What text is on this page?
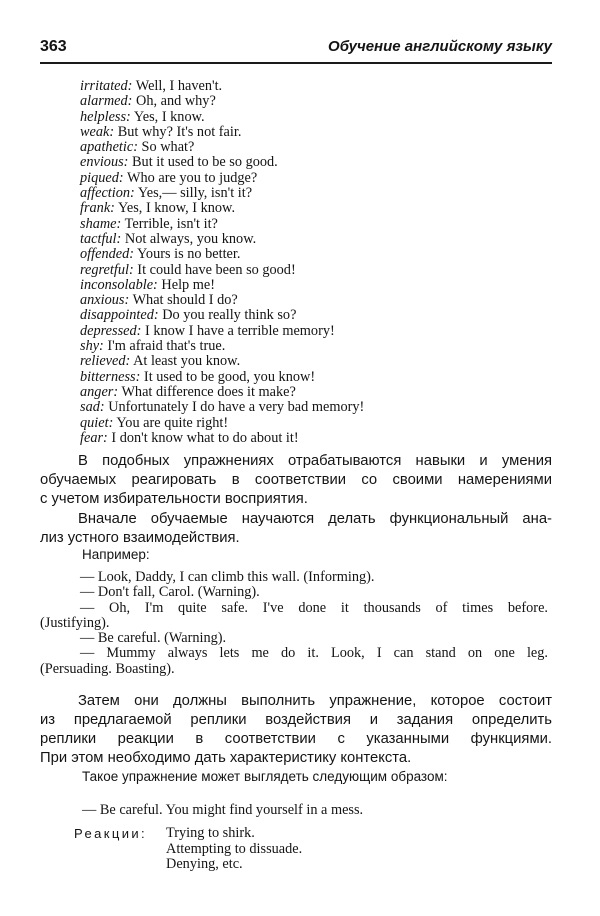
363	Обучение английскому языку
irritated: Well, I haven't.
alarmed: Oh, and why?
helpless: Yes, I know.
weak: But why? It's not fair.
apathetic: So what?
envious: But it used to be so good.
piqued: Who are you to judge?
affection: Yes,— silly, isn't it?
frank: Yes, I know, I know.
shame: Terrible, isn't it?
tactful: Not always, you know.
offended: Yours is no better.
regretful: It could have been so good!
inconsolable: Help me!
anxious: What should I do?
disappointed: Do you really think so?
depressed: I know I have a terrible memory!
shy: I'm afraid that's true.
relieved: At least you know.
bitterness: It used to be good, you know!
anger: What difference does it make?
sad: Unfortunately I do have a very bad memory!
quiet: You are quite right!
fear: I don't know what to do about it!
В подобных упражнениях отрабатываются навыки и умения
обучаемых реагировать в соответствии со своими намерениями
с учетом избирательности восприятия.
Вначале обучаемые научаются делать функциональный ана-
лиз устного взаимодействия.
Например:
— Look, Daddy, I can climb this wall. (Informing).
— Don't fall, Carol. (Warning).
— Oh, I'm quite safe. I've done it thousands of times before.
(Justifying).
— Be careful. (Warning).
— Mummy always lets me do it. Look, I can stand on one leg.
(Persuading. Boasting).
Затем они должны выполнить упражнение, которое состоит
из предлагаемой реплики воздействия и задания определить
реплики реакции в соответствии с указанными функциями.
При этом необходимо дать характеристику контекста.
Такое упражнение может выглядеть следующим образом:
— Be careful. You might find yourself in a mess.
Реакции: Trying to shirk.
Attempting to dissuade.
Denying, etc.
